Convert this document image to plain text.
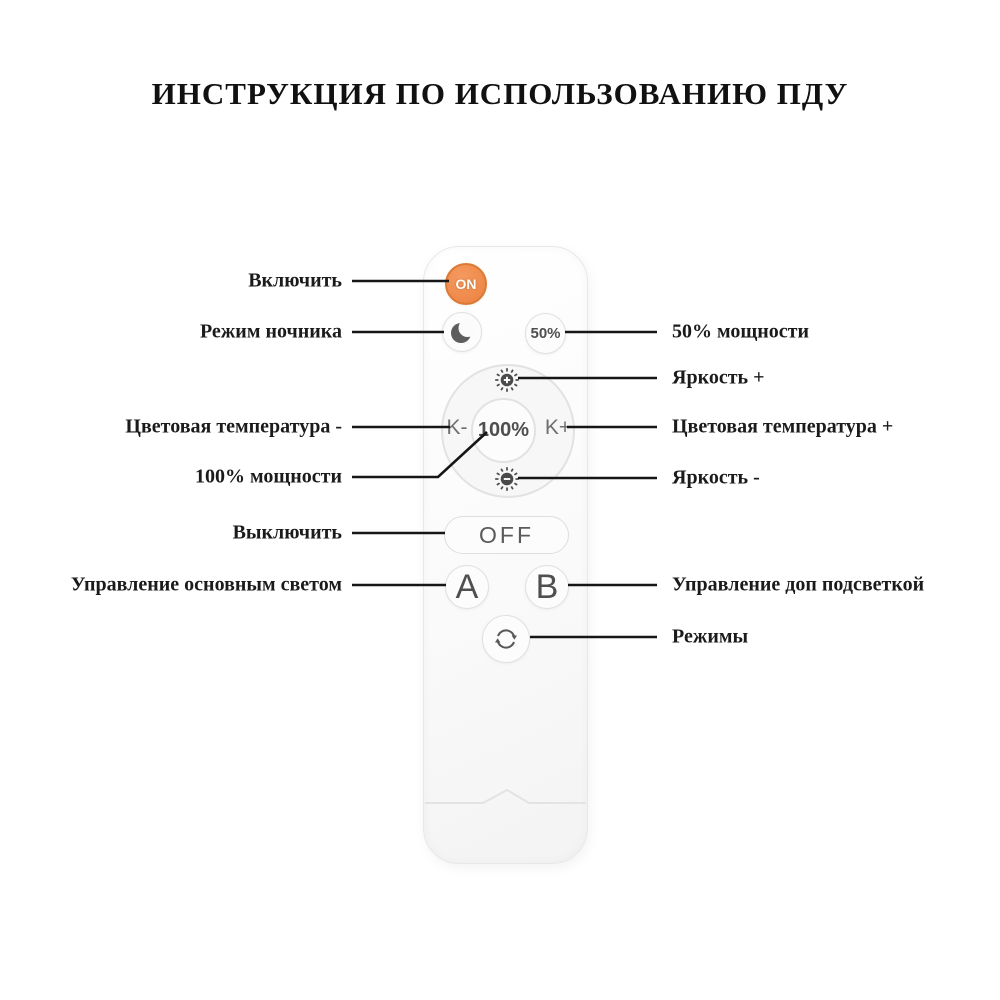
ИНСТРУКЦИЯ ПО ИСПОЛЬЗОВАНИЮ ПДУ
ON
50%
K- 100% K+
OFF
A	B
Включить
Режим ночника
Цветовая температура -
100% мощности
Выключить
Управление основным светом
50% мощности
Яркость +
Цветовая температура +
Яркость -
Управление доп подсветкой
Режимы
